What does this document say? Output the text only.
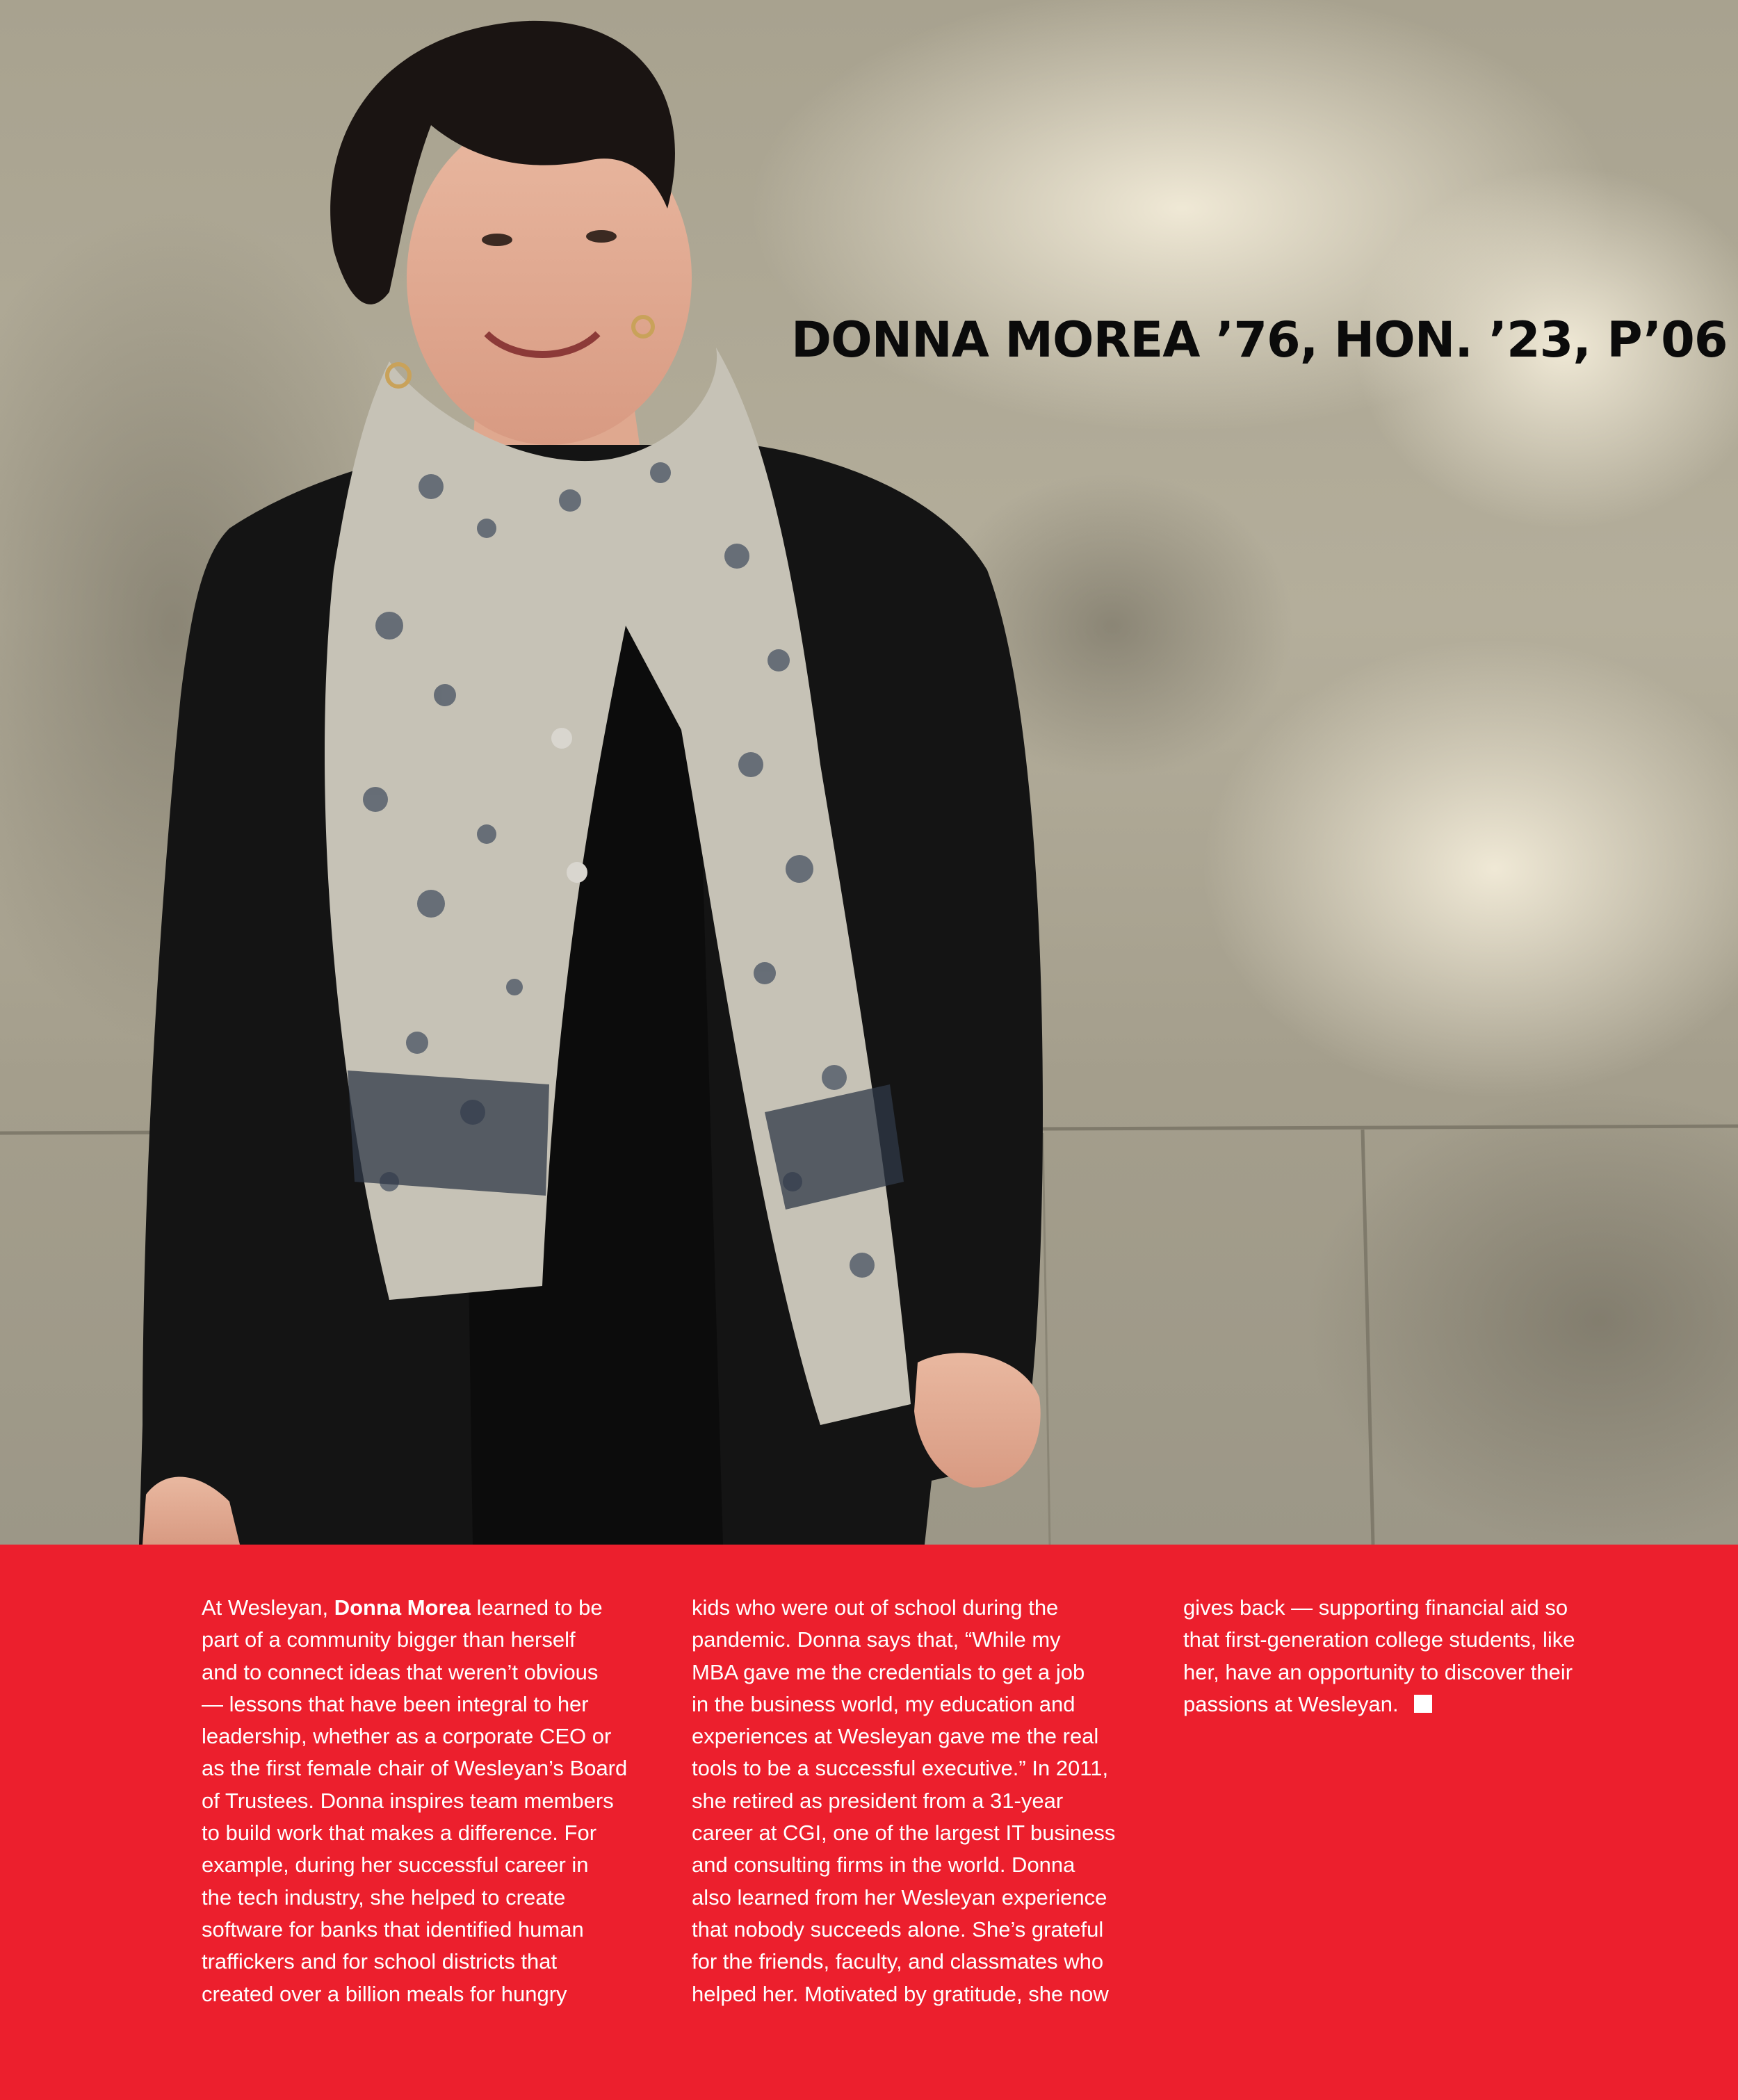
DONNA MOREA ’76, HON. ’23, P’06

At Wesleyan, Donna Morea learned to be
part of a community bigger than herself
and to connect ideas that weren’t obvious
— lessons that have been integral to her
leadership, whether as a corporate CEO or
as the first female chair of Wesleyan’s Board
of Trustees. Donna inspires team members
to build work that makes a difference. For
example, during her successful career in
the tech industry, she helped to create
software for banks that identified human
traffickers and for school districts that
created over a billion meals for hungry

kids who were out of school during the
pandemic. Donna says that, “While my
MBA gave me the credentials to get a job
in the business world, my education and
experiences at Wesleyan gave me the real
tools to be a successful executive.” In 2011,
she retired as president from a 31-year
career at CGI, one of the largest IT business
and consulting firms in the world. Donna
also learned from her Wesleyan experience
that nobody succeeds alone. She’s grateful
for the friends, faculty, and classmates who
helped her. Motivated by gratitude, she now

gives back — supporting financial aid so
that first-generation college students, like
her, have an opportunity to discover their
passions at Wesleyan.
